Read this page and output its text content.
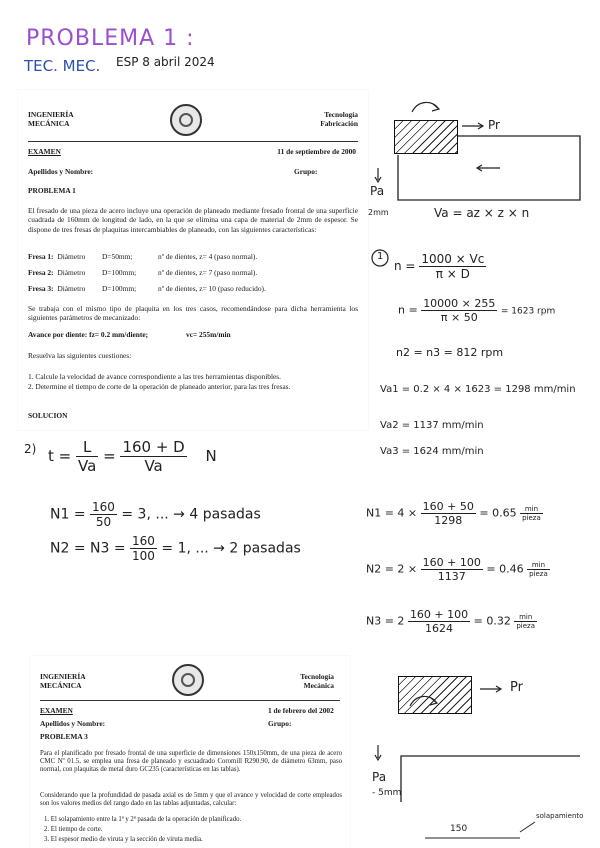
PROBLEMA 1 :
TEC. MEC. ESP 8 abril 2024
INGENIERÍA
MECÁNICA
Tecnología
Fabricación
EXAMEN	11 de septiembre de 2000
Apellidos y Nombre:	Grupo:
PROBLEMA 1
El fresado de una pieza de acero incluye una operación de planeado mediante fresado frontal de una superficie cuadrada de 160mm de longitud de lado, en la que se elimina una capa de material de 2mm de espesor. Se dispone de tres fresas de plaquitas intercambiables de planeado, con las siguientes características:
Fresa 1: Diámetro D=50mm;	nº de dientes, z= 4 (paso normal).
Fresa 2: Diámetro D=100mm;	nº de dientes, z= 7 (paso normal).
Fresa 3: Diámetro D=100mm;	nº de dientes, z= 10 (paso reducido).
Se trabaja con el mismo tipo de plaquita en los tres casos, recomendándose para dicha herramienta los siguientes parámetros de mecanizado:
Avance por diente: fz= 0.2 mm/diente;	vc= 255m/min
Resuelva las siguientes cuestiones:
1. Calcule la velocidad de avance correspondiente a las tres herramientas disponibles.
2. Determine el tiempo de corte de la operación de planeado anterior, para las tres fresas.
SOLUCION
Pr
Pa
2mm	Va = az × z × n
1
$n = \frac{1000 \times Vc}{\pi \times D}$
$n = \frac{10000 \times 255}{\pi \times 50} = 1623$ rpm
n2 = n3 = 812 rpm
Va1 = 0.2 × 4 × 1623 = 1298 mm/min
Va2 = 1137 mm/min
Va3 = 1624 mm/min
$N1 = 4 \times \frac{160 + 50}{1298} = 0.65 \frac{\min}{\text{pieza}}$
$N2 = 2 \times \frac{160 + 100}{1137} = 0.46 \frac{\min}{\text{pieza}}$
$N3 = 2 \frac{160 + 100}{1624} = 0.32 \frac{\min}{\text{pieza}}$
2) $t = \frac{L}{Va} = \frac{160 + D}{Va}$ N
$N1 = \frac{160}{50} = 3$, ... → 4 pasadas
$N2 = N3 = \frac{160}{100} = 1$, ... → 2 pasadas
INGENIERÍA
MECÁNICA
Tecnología
Mecánica
EXAMEN	1 de febrero del 2002
Apellidos y Nombre:	Grupo:
PROBLEMA 3
Para el planificado por fresado frontal de una superficie de dimensiones 150x150mm, de una pieza de acero CMC Nº 01.5, se emplea una fresa de planeado y escuadrado Coromill R290.90, de diámetro 63mm, paso normal, con plaquitas de metal duro GC235 (características en las tablas).
Considerando que la profundidad de pasada axial es de 5mm y que el avance y velocidad de corte empleados son los valores medios del rango dado en las tablas adjuntadas, calcular:
1. El solapamiento entre la 1ª y 2ª pasada de la operación de planificado.
2. El tiempo de corte.
3. El espesor medio de viruta y la sección de viruta media.
Pr
Pa
- 5mm
150
solapamiento
